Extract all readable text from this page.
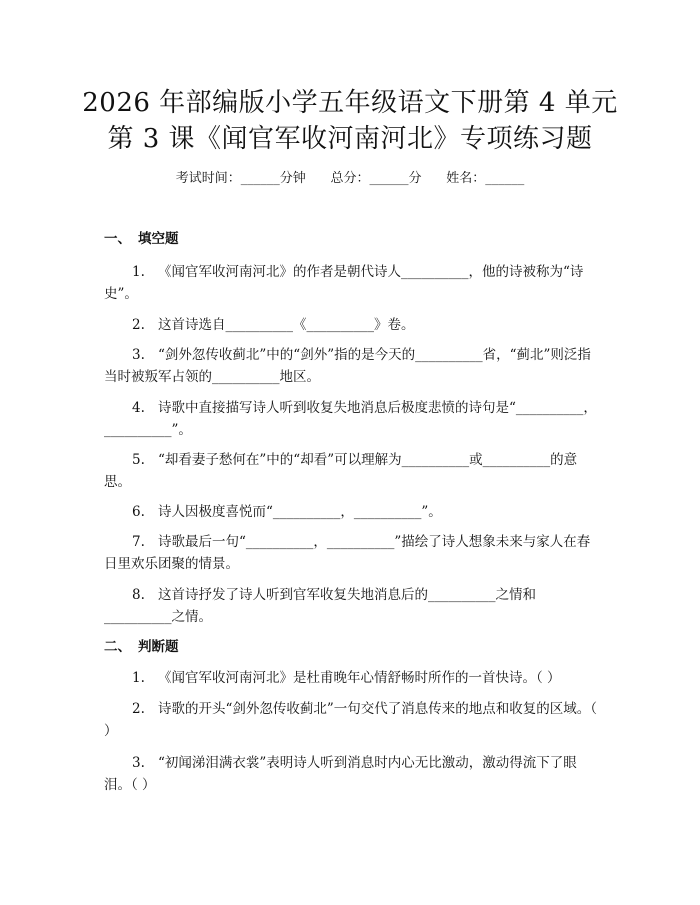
2026 年部编版小学五年级语文下册第 4 单元
第 3 课《闻官军收河南河北》专项练习题
考试时间：______分钟      总分：______分      姓名：______
一、 填空题
1. 《闻官军收河南河北》的作者是朝代诗人__________，他的诗被称为“诗史”。
2. 这首诗选自__________《__________》卷。
3. “剑外忽传收蓟北”中的“剑外”指的是今天的__________省，“蓟北”则泛指当时被叛军占领的__________地区。
4. 诗歌中直接描写诗人听到收复失地消息后极度悲愤的诗句是“__________，__________”。
5. “却看妻子愁何在”中的“却看”可以理解为__________或__________的意思。
6. 诗人因极度喜悦而“__________，__________”。
7. 诗歌最后一句“__________，__________”描绘了诗人想象未来与家人在春日里欢乐团聚的情景。
8. 这首诗抒发了诗人听到官军收复失地消息后的__________之情和__________之情。
二、 判断题
1. 《闻官军收河南河北》是杜甫晚年心情舒畅时所作的一首快诗。（ ）
2. 诗歌的开头“剑外忽传收蓟北”一句交代了消息传来的地点和收复的区域。（ ）
3. “初闻涕泪满衣裳”表明诗人听到消息时内心无比激动，激动得流下了眼泪。（ ）
